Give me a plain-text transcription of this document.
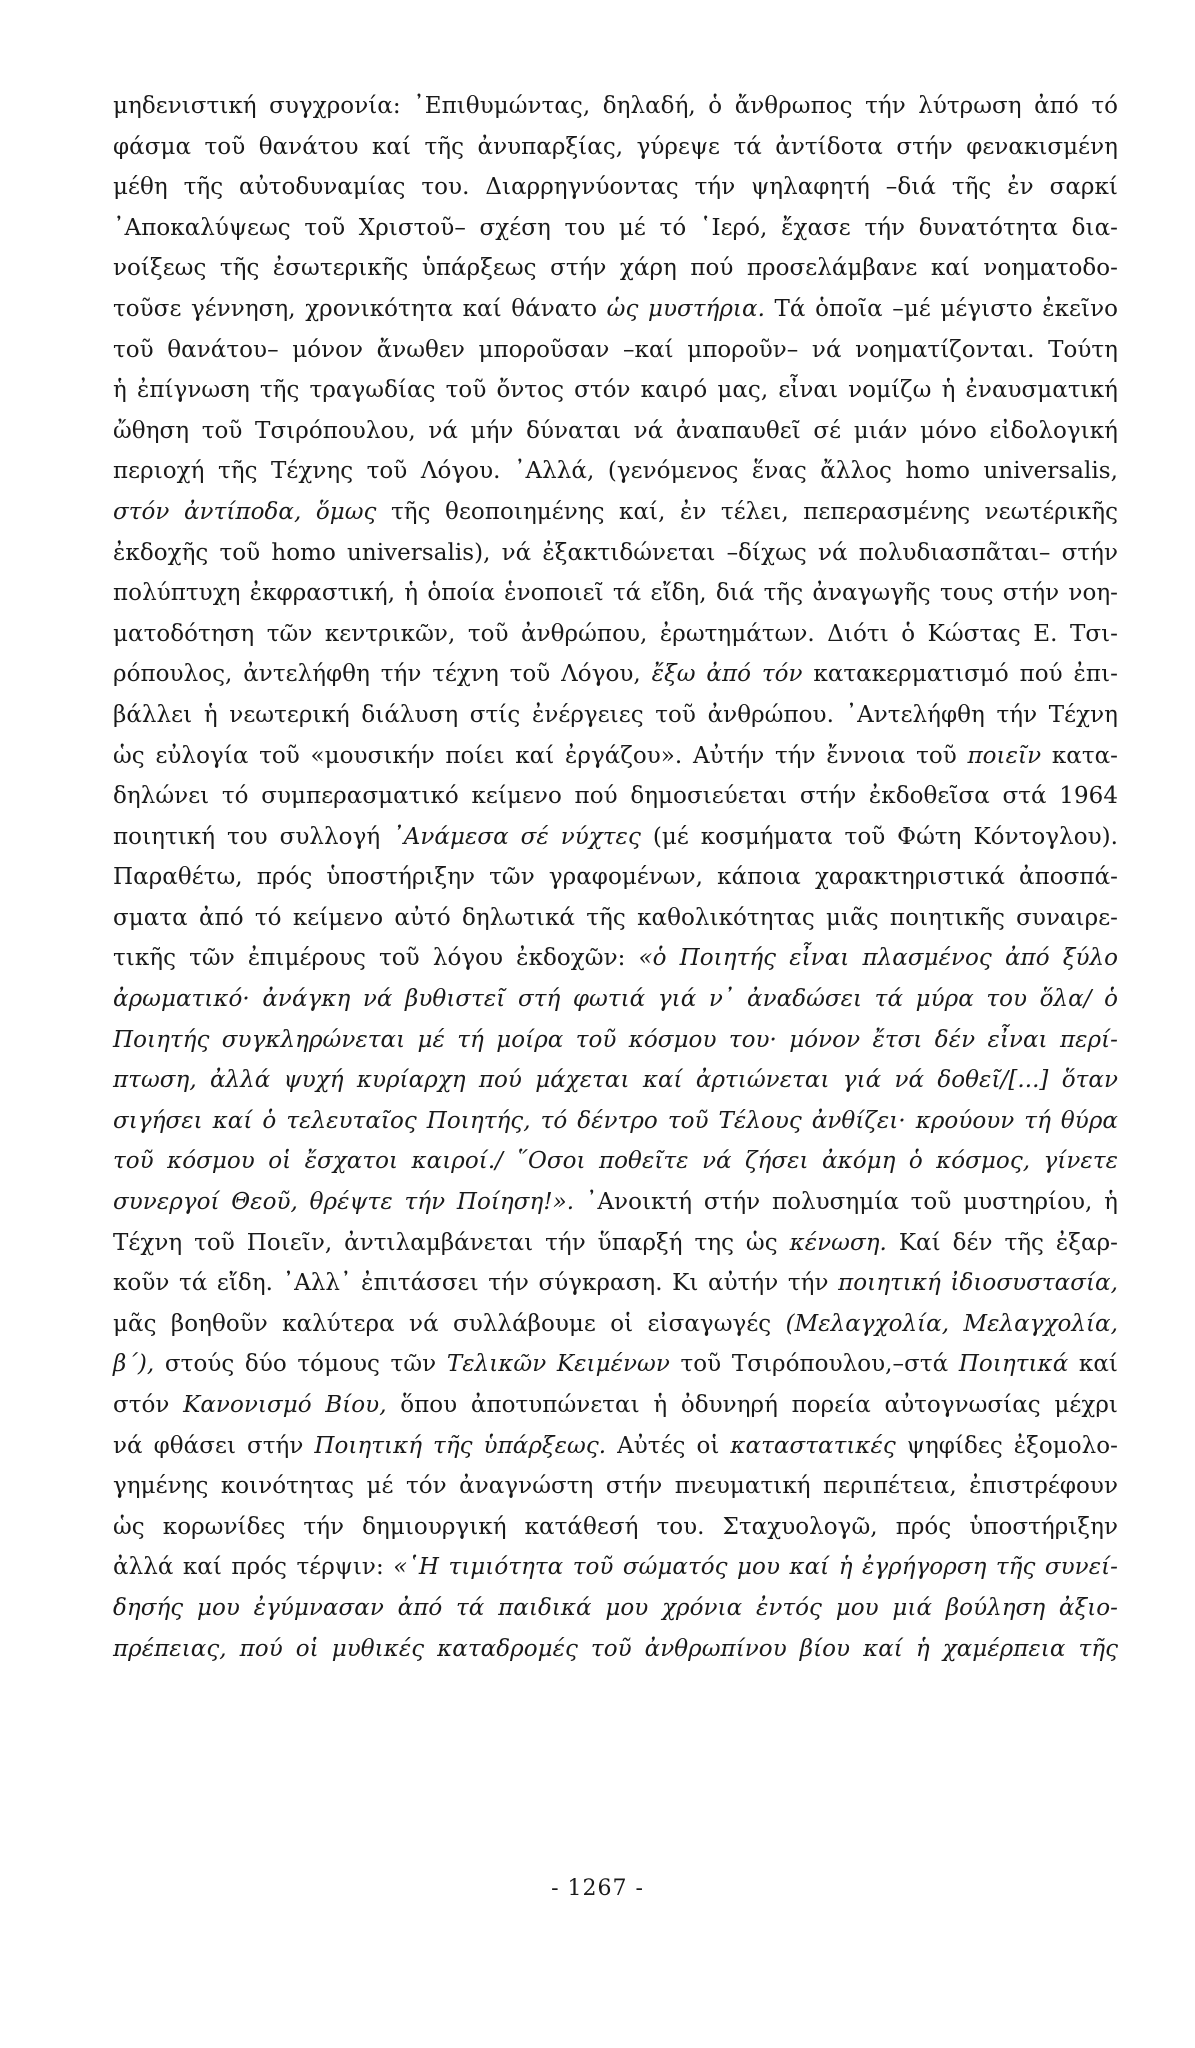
μηδενιστική συγχρονία: ᾽Επιθυμώντας, δηλαδή, ὁ ἄνθρωπος τήν λύτρωση ἀπό τό
φάσμα τοῦ θανάτου καί τῆς ἀνυπαρξίας, γύρεψε τά ἀντίδοτα στήν φενακισμένη
μέθη τῆς αὐτοδυναμίας του. Διαρρηγνύοντας τήν ψηλαφητή –διά τῆς ἐν σαρκί
᾽Αποκαλύψεως τοῦ Χριστοῦ– σχέση του μέ τό ῾Ιερό, ἔχασε τήν δυνατότητα δια-
νοίξεως τῆς ἐσωτερικῆς ὑπάρξεως στήν χάρη πού προσελάμβανε καί νοηματοδο-
τοῦσε γέννηση, χρονικότητα καί θάνατο ὡς μυστήρια. Τά ὁποῖα –μέ μέγιστο ἐκεῖνο
τοῦ θανάτου– μόνον ἄνωθεν μποροῦσαν –καί μποροῦν– νά νοηματίζονται. Τούτη
ἡ ἐπίγνωση τῆς τραγωδίας τοῦ ὄντος στόν καιρό μας, εἶναι νομίζω ἡ ἐναυσματική
ὤθηση τοῦ Τσιρόπουλου, νά μήν δύναται νά ἀναπαυθεῖ σέ μιάν μόνο εἰδολογική
περιοχή τῆς Τέχνης τοῦ Λόγου. ᾽Αλλά, (γενόμενος ἕνας ἄλλος homo universalis,
στόν ἀντίποδα, ὅμως τῆς θεοποιημένης καί, ἐν τέλει, πεπερασμένης νεωτέρικῆς
ἐκδοχῆς τοῦ homo universalis), νά ἐξακτιδώνεται –δίχως νά πολυδιασπᾶται– στήν
πολύπτυχη ἐκφραστική, ἡ ὁποία ἑνοποιεῖ τά εἴδη, διά τῆς ἀναγωγῆς τους στήν νοη-
ματοδότηση τῶν κεντρικῶν, τοῦ ἀνθρώπου, ἐρωτημάτων. Διότι ὁ Κώστας Ε. Τσι-
ρόπουλος, ἀντελήφθη τήν τέχνη τοῦ Λόγου, ἔξω ἀπό τόν κατακερματισμό πού ἐπι-
βάλλει ἡ νεωτερική διάλυση στίς ἐνέργειες τοῦ ἀνθρώπου. ᾽Αντελήφθη τήν Τέχνη
ὡς εὐλογία τοῦ «μουσικήν ποίει καί ἐργάζου». Αὐτήν τήν ἔννοια τοῦ ποιεῖν κατα-
δηλώνει τό συμπερασματικό κείμενο πού δημοσιεύεται στήν ἐκδοθεῖσα στά 1964
ποιητική του συλλογή ᾽Ανάμεσα σέ νύχτες (μέ κοσμήματα τοῦ Φώτη Κόντογλου).
Παραθέτω, πρός ὑποστήριξην τῶν γραφομένων, κάποια χαρακτηριστικά ἀποσπά-
σματα ἀπό τό κείμενο αὐτό δηλωτικά τῆς καθολικότητας μιᾶς ποιητικῆς συναιρε-
τικῆς τῶν ἐπιμέρους τοῦ λόγου ἐκδοχῶν: «ὁ Ποιητής εἶναι πλασμένος ἀπό ξύλο
ἀρωματικό· ἀνάγκη νά βυθιστεῖ στή φωτιά γιά ν᾽ ἀναδώσει τά μύρα του ὅλα/ ὁ
Ποιητής συγκληρώνεται μέ τή μοίρα τοῦ κόσμου του· μόνον ἔτσι δέν εἶναι περί-
πτωση, ἀλλά ψυχή κυρίαρχη πού μάχεται καί ἀρτιώνεται γιά νά δοθεῖ/[...] ὅταν
σιγήσει καί ὁ τελευταῖος Ποιητής, τό δέντρο τοῦ Τέλους ἀνθίζει· κρούουν τή θύρα
τοῦ κόσμου οἱ ἔσχατοι καιροί./ ῞Οσοι ποθεῖτε νά ζήσει ἀκόμη ὁ κόσμος, γίνετε
συνεργοί Θεοῦ, θρέψτε τήν Ποίηση!». ᾽Ανοικτή στήν πολυσημία τοῦ μυστηρίου, ἡ
Τέχνη τοῦ Ποιεῖν, ἀντιλαμβάνεται τήν ὕπαρξή της ὡς κένωση. Καί δέν τῆς ἐξαρ-
κοῦν τά εἴδη. ᾽Αλλ᾽ ἐπιτάσσει τήν σύγκραση. Κι αὐτήν τήν ποιητική ἰδιοσυστασία,
μᾶς βοηθοῦν καλύτερα νά συλλάβουμε οἱ εἰσαγωγές (Μελαγχολία, Μελαγχολία,
β´), στούς δύο τόμους τῶν Τελικῶν Κειμένων τοῦ Τσιρόπουλου,–στά Ποιητικά καί
στόν Κανονισμό Βίου, ὅπου ἀποτυπώνεται ἡ ὀδυνηρή πορεία αὐτογνωσίας μέχρι
νά φθάσει στήν Ποιητική τῆς ὑπάρξεως. Αὐτές οἱ καταστατικές ψηφίδες ἐξομολο-
γημένης κοινότητας μέ τόν ἀναγνώστη στήν πνευματική περιπέτεια, ἐπιστρέφουν
ὡς κορωνίδες τήν δημιουργική κατάθεσή του. Σταχυολογῶ, πρός ὑποστήριξην
ἀλλά καί πρός τέρψιν: «῾Η τιμιότητα τοῦ σώματός μου καί ἡ ἐγρήγορση τῆς συνεί-
δησής μου ἐγύμνασαν ἀπό τά παιδικά μου χρόνια ἐντός μου μιά βούληση ἀξιο-
πρέπειας, πού οἱ μυθικές καταδρομές τοῦ ἀνθρωπίνου βίου καί ἡ χαμέρπεια τῆς
- 1267 -
